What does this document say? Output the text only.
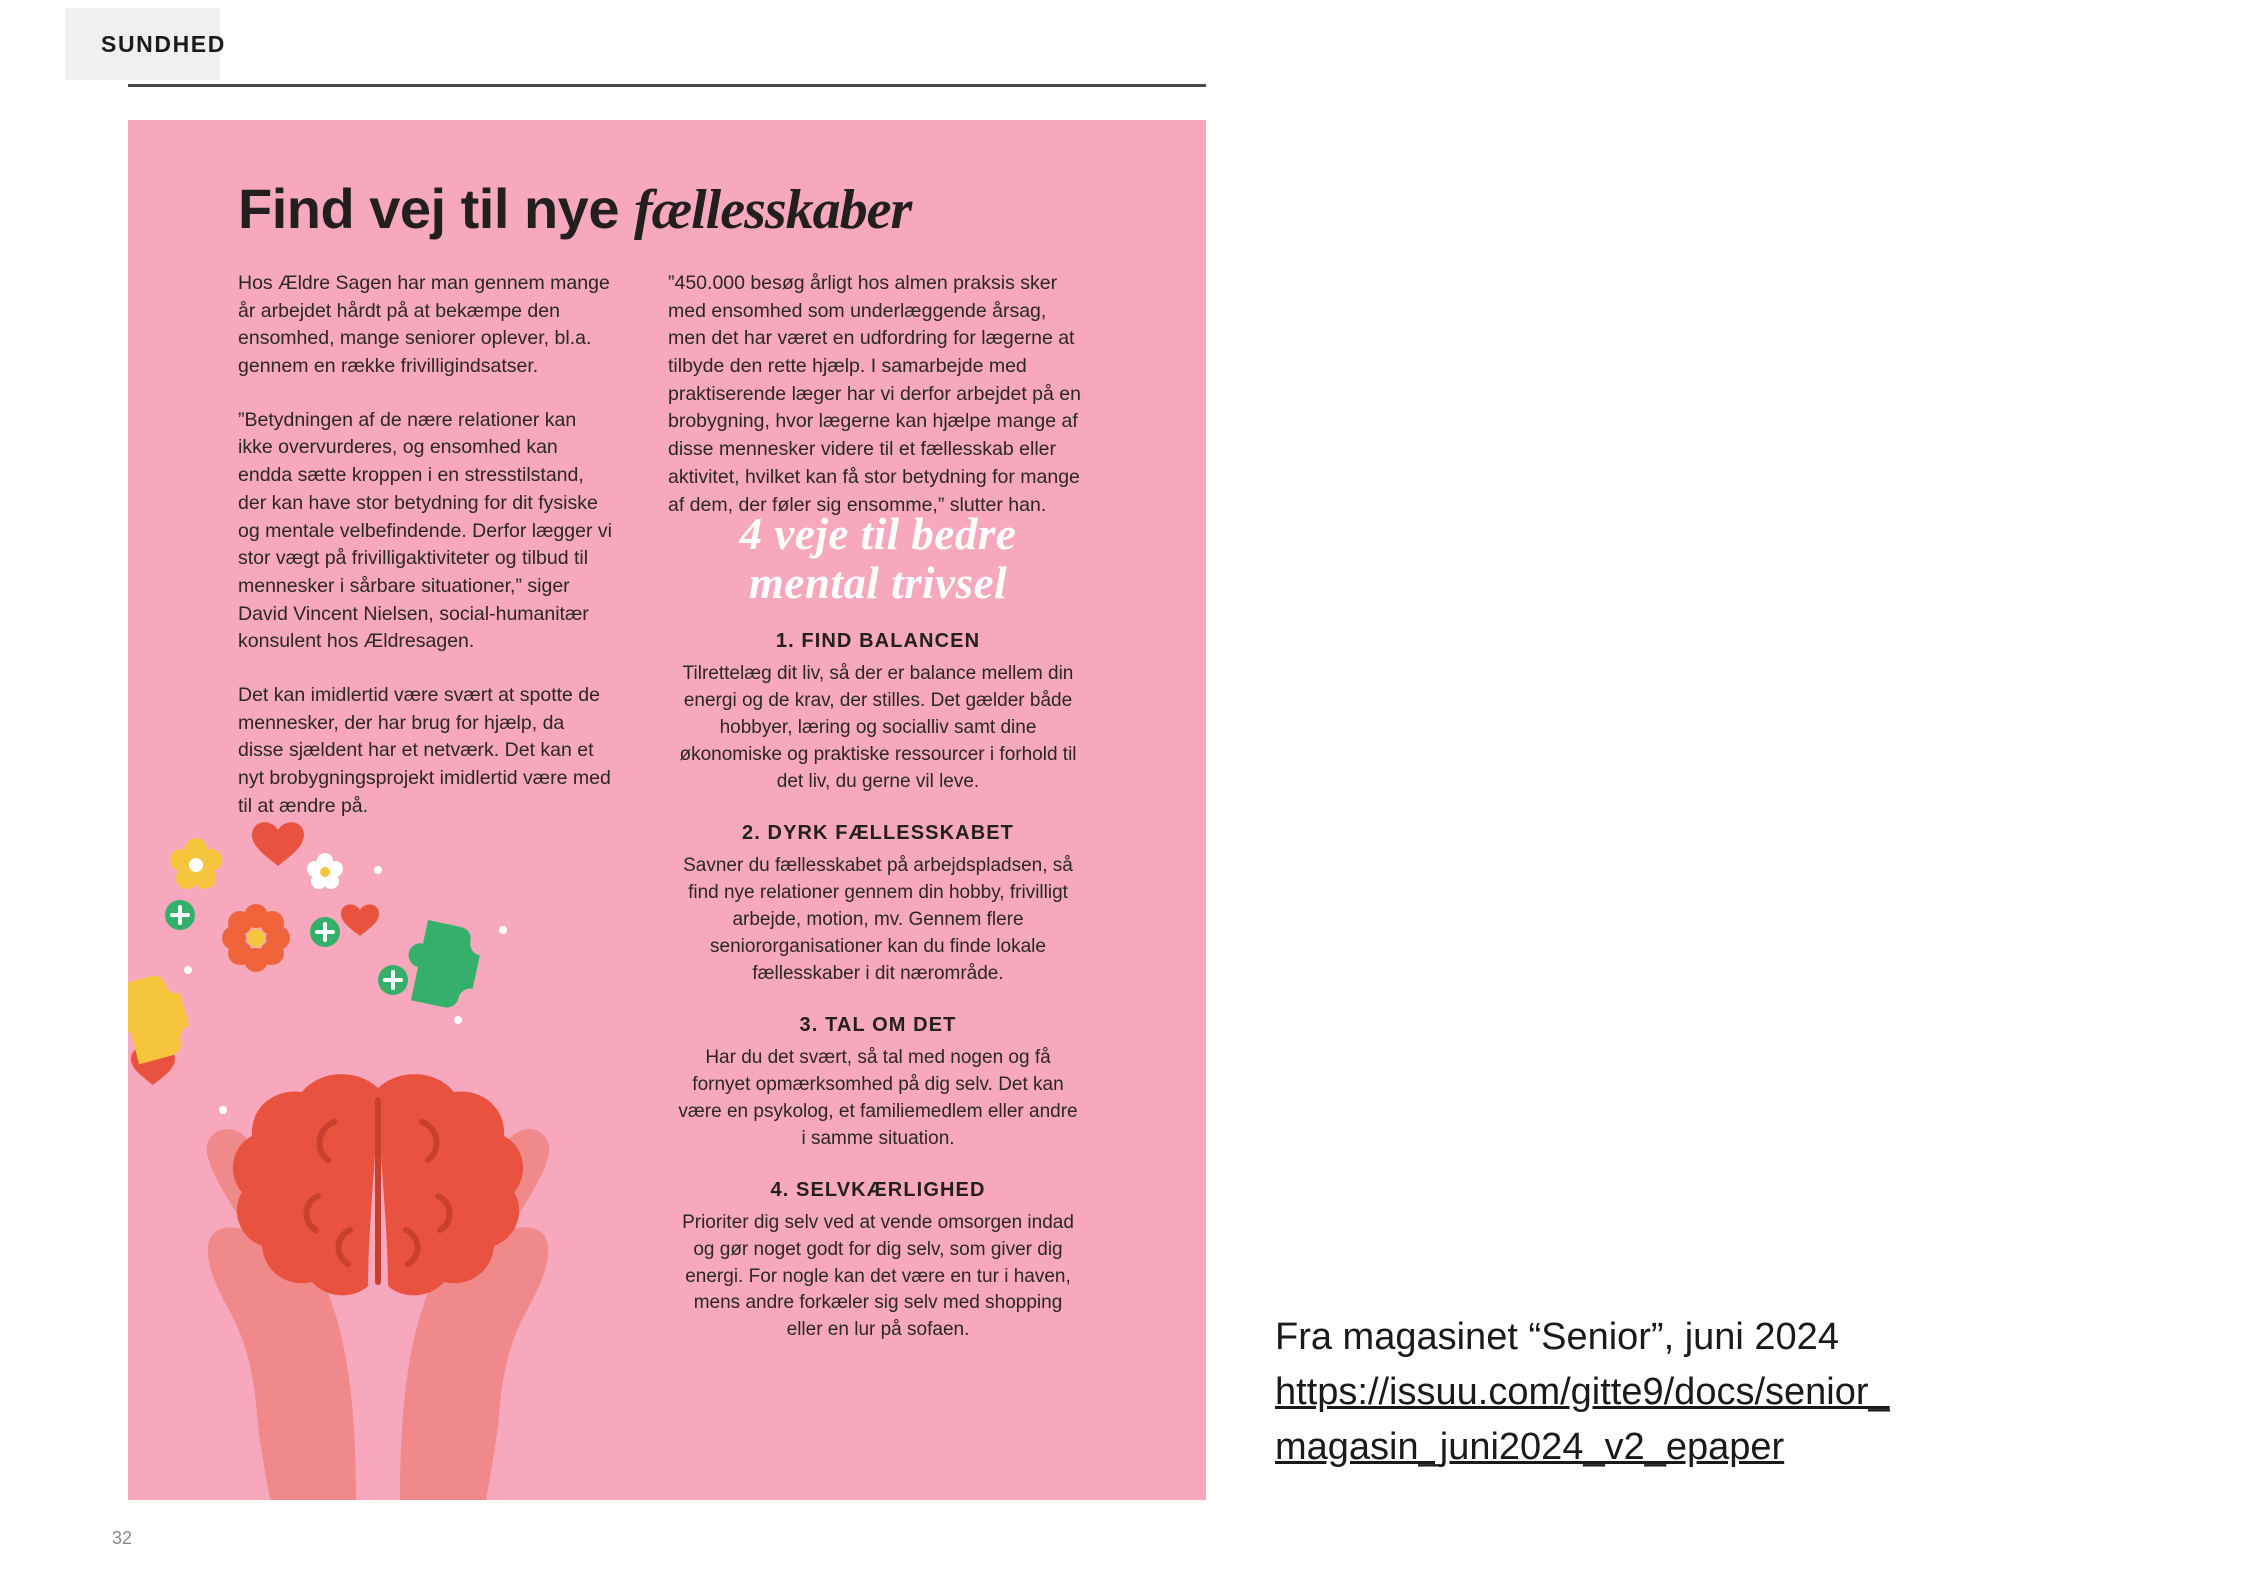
SUNDHED
Find vej til nye fællesskaber

Hos Ældre Sagen har man gennem mange år arbejdet hårdt på at bekæmpe den ensomhed, mange seniorer oplever, bl.a. gennem en række frivilligindsatser.

”Betydningen af de nære relationer kan ikke overvurderes, og ensomhed kan endda sætte kroppen i en stresstilstand, der kan have stor betydning for dit fysiske og mentale velbefindende. Derfor lægger vi stor vægt på frivilligaktiviteter og tilbud til mennesker i sårbare situationer,” siger David Vincent Nielsen, social-humanitær konsulent hos Ældresagen.

Det kan imidlertid være svært at spotte de mennesker, der har brug for hjælp, da disse sjældent har et netværk. Det kan et nyt brobygningsprojekt imidlertid være med til at ændre på.

”450.000 besøg årligt hos almen praksis sker med ensomhed som underlæggende årsag, men det har været en udfordring for lægerne at tilbyde den rette hjælp. I samarbejde med praktiserende læger har vi derfor arbejdet på en brobygning, hvor lægerne kan hjælpe mange af disse mennesker videre til et fællesskab eller aktivitet, hvilket kan få stor betydning for mange af dem, der føler sig ensomme,” slutter han.

4 veje til bedre
mental trivsel
1. FIND BALANCEN
Tilrettelæg dit liv, så der er balance mellem din energi og de krav, der stilles. Det gælder både hobbyer, læring og socialliv samt dine økonomiske og praktiske ressourcer i forhold til det liv, du gerne vil leve.
2. DYRK FÆLLESSKABET
Savner du fællesskabet på arbejdspladsen, så find nye relationer gennem din hobby, frivilligt arbejde, motion, mv. Gennem flere seniororganisationer kan du finde lokale fællesskaber i dit nærområde.
3. TAL OM DET
Har du det svært, så tal med nogen og få fornyet opmærksomhed på dig selv. Det kan være en psykolog, et familiemedlem eller andre i samme situation.
4. SELVKÆRLIGHED
Prioriter dig selv ved at vende omsorgen indad og gør noget godt for dig selv, som giver dig energi. For nogle kan det være en tur i haven, mens andre forkæler sig selv med shopping eller en lur på sofaen.
32
Fra magasinet “Senior”, juni 2024
https://issuu.com/gitte9/docs/senior_
magasin_juni2024_v2_epaper
